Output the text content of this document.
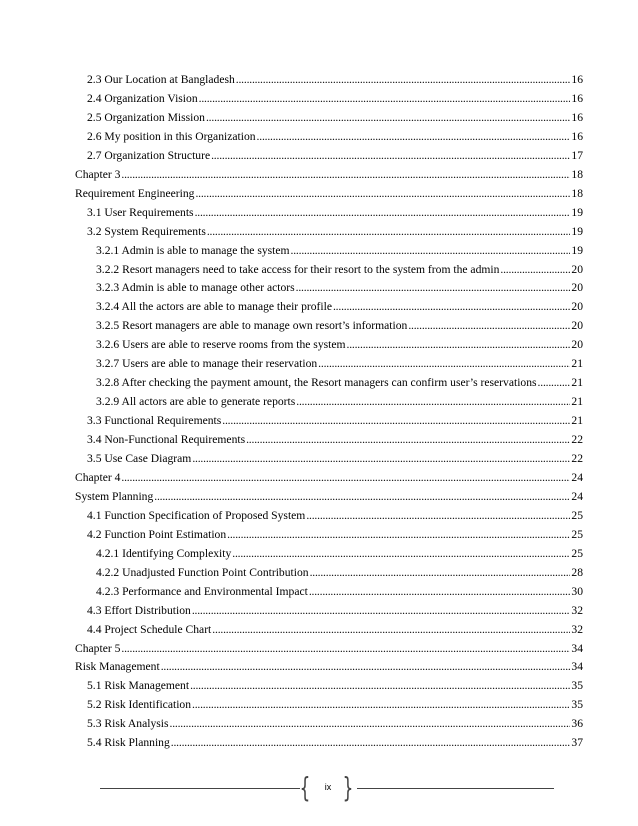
2.3 Our Location at Bangladesh . . .	16
2.4 Organization Vision . . .	16
2.5 Organization Mission . . .	16
2.6 My position in this Organization . . .	16
2.7 Organization Structure . . .	17
Chapter 3 . . .	18
Requirement Engineering . . .	18
3.1 User Requirements . . .	19
3.2 System Requirements . . .	19
3.2.1 Admin is able to manage the system . . .	19
3.2.2 Resort managers need to take access for their resort to the system from the admin . . .	20
3.2.3 Admin is able to manage other actors . . .	20
3.2.4 All the actors are able to manage their profile . . .	20
3.2.5 Resort managers are able to manage own resort’s information . . .	20
3.2.6 Users are able to reserve rooms from the system . . .	20
3.2.7 Users are able to manage their reservation . . .	21
3.2.8 After checking the payment amount, the Resort managers can confirm user’s reservations . . .	21
3.2.9 All actors are able to generate reports . . .	21
3.3 Functional Requirements . . .	21
3.4 Non-Functional Requirements . . .	22
3.5 Use Case Diagram . . .	22
Chapter 4 . . .	24
System Planning . . .	24
4.1 Function Specification of Proposed System . . .	25
4.2 Function Point Estimation . . .	25
4.2.1 Identifying Complexity . . .	25
4.2.2 Unadjusted Function Point Contribution . . .	28
4.2.3 Performance and Environmental Impact . . .	30
4.3 Effort Distribution . . .	32
4.4 Project Schedule Chart . . .	32
Chapter 5 . . .	34
Risk Management . . .	34
5.1 Risk Management . . .	35
5.2 Risk Identification . . .	35
5.3 Risk Analysis . . .	36
5.4 Risk Planning . . .	37
{	ix }
